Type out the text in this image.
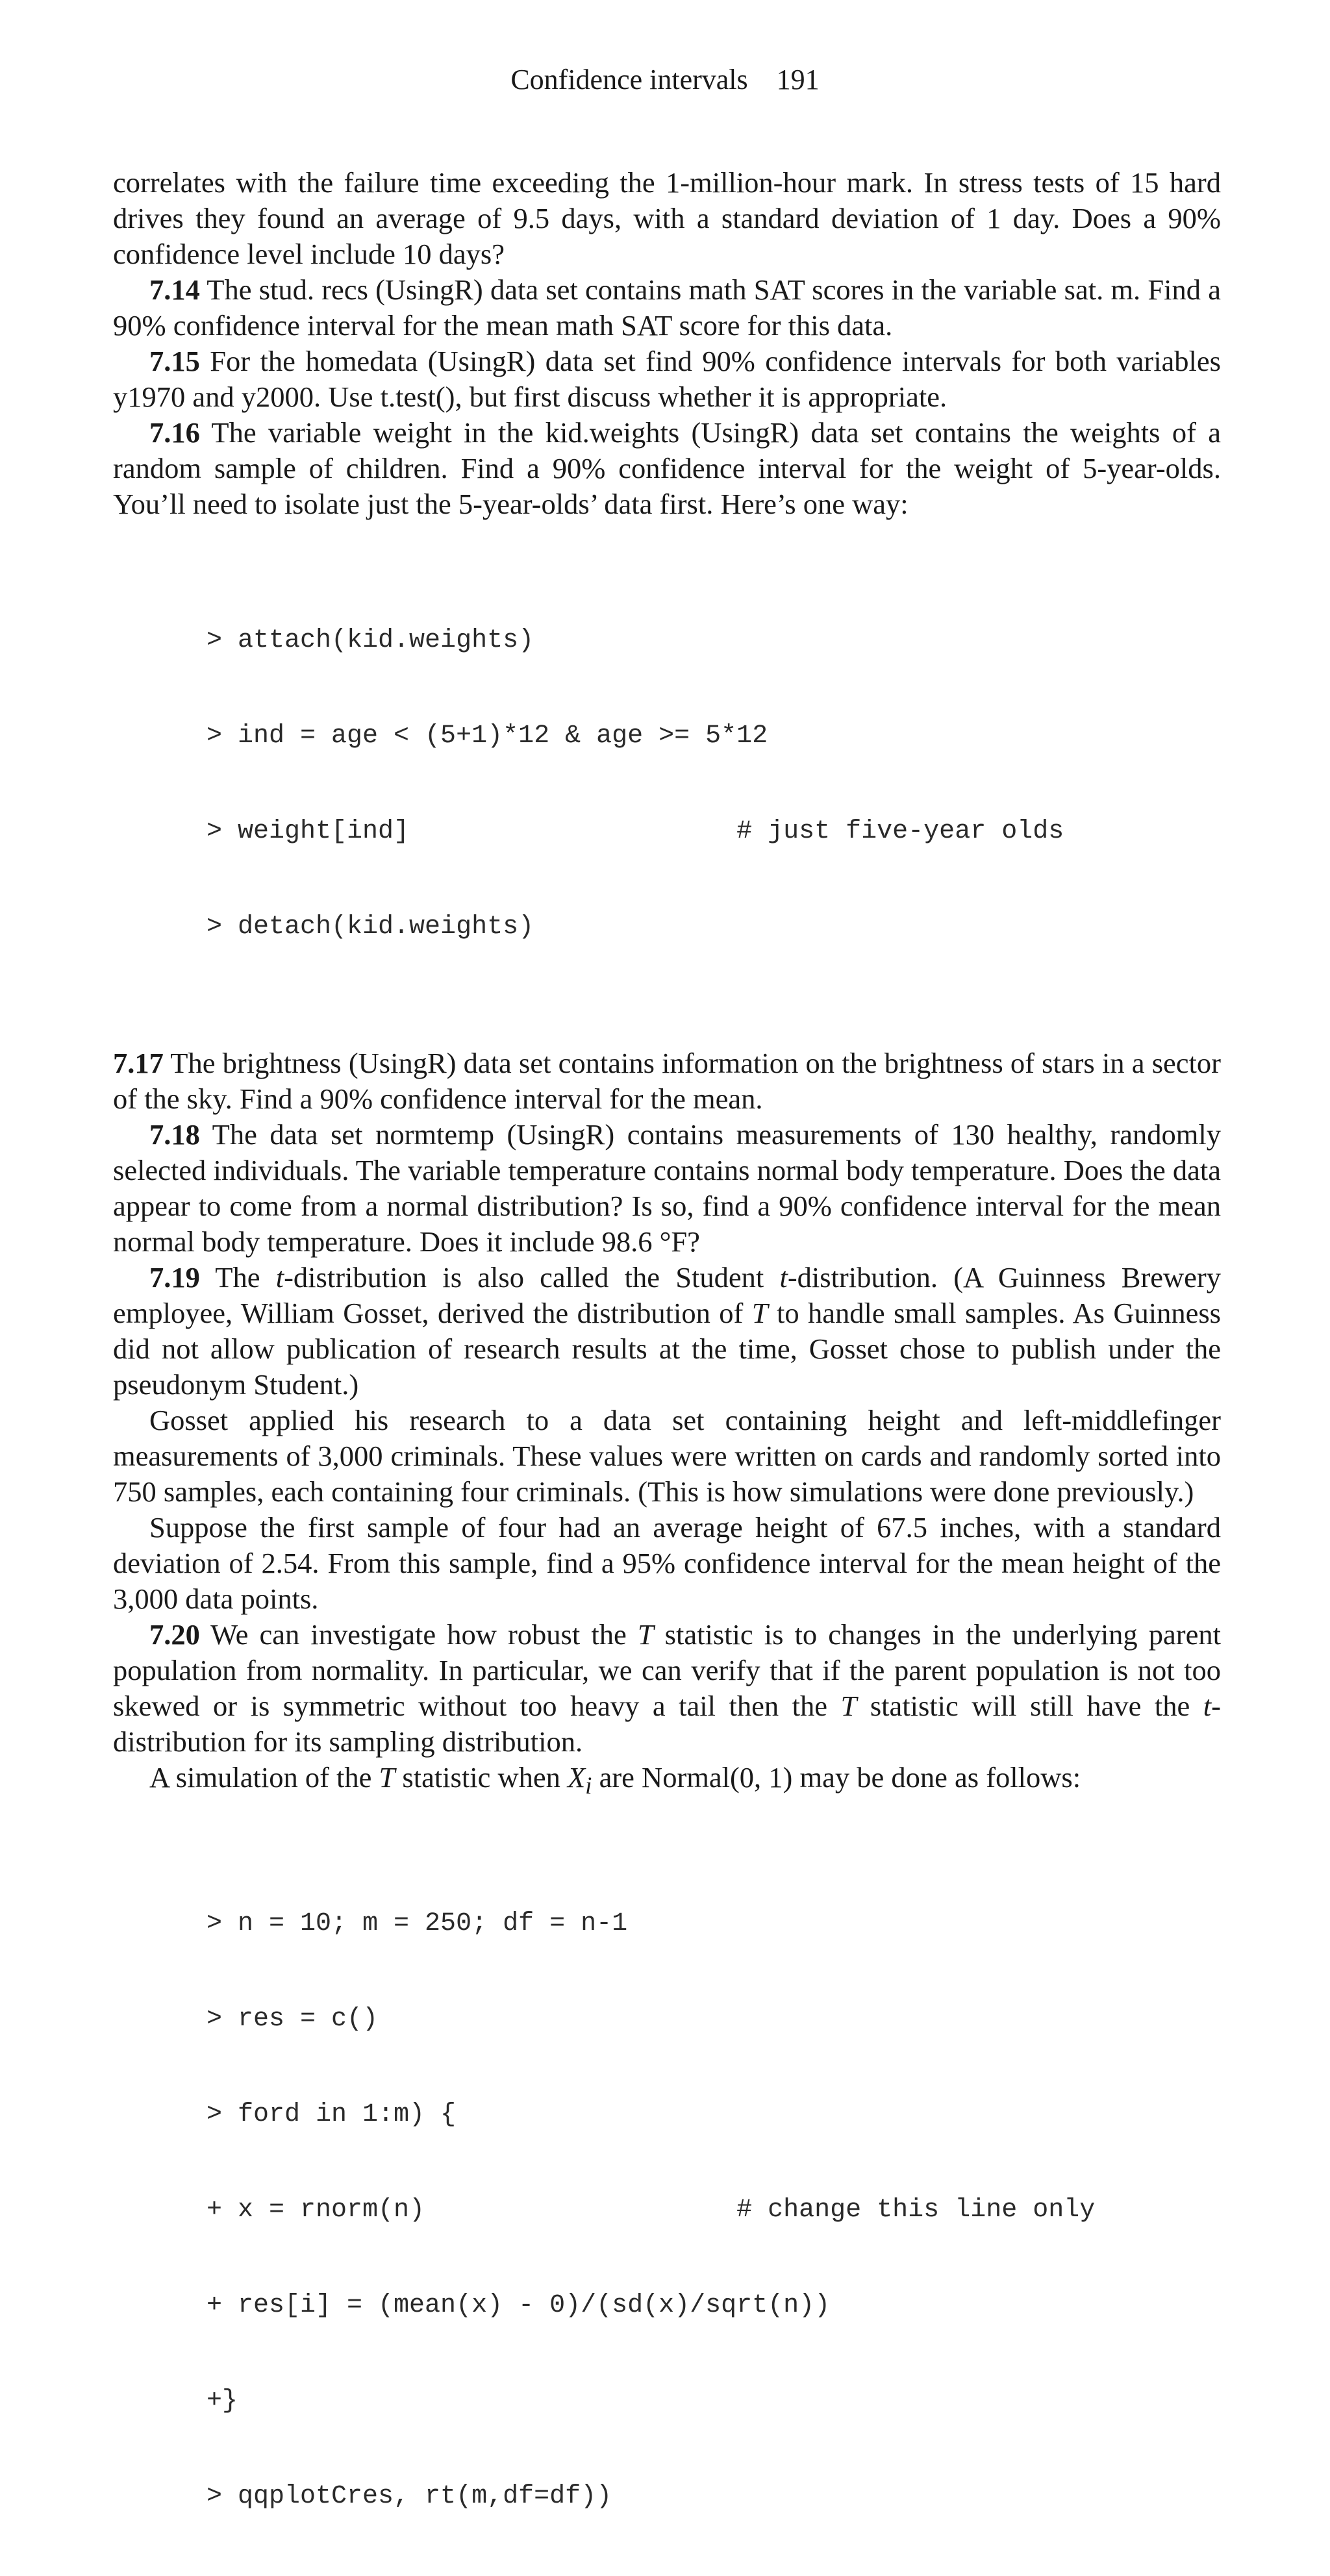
Confidence intervals 191

correlates with the failure time exceeding the 1-million-hour mark. In stress tests of 15 hard drives they found an average of 9.5 days, with a standard deviation of 1 day. Does a 90% confidence level include 10 days?

7.14 The stud. recs (UsingR) data set contains math SAT scores in the variable sat. m. Find a 90% confidence interval for the mean math SAT score for this data.

7.15 For the homedata (UsingR) data set find 90% confidence intervals for both variables y1970 and y2000. Use t.test(), but first discuss whether it is appropriate.

7.16 The variable weight in the kid.weights (UsingR) data set contains the weights of a random sample of children. Find a 90% confidence interval for the weight of 5-year-olds. You’ll need to isolate just the 5-year-olds’ data first. Here’s one way:

> attach(kid.weights)

> ind = age < (5+1)*12 & age >= 5*12

> weight[ind]                     # just five-year olds

> detach(kid.weights)

7.17 The brightness (UsingR) data set contains information on the brightness of stars in a sector of the sky. Find a 90% confidence interval for the mean.

7.18 The data set normtemp (UsingR) contains measurements of 130 healthy, randomly selected individuals. The variable temperature contains normal body temperature. Does the data appear to come from a normal distribution? Is so, find a 90% confidence interval for the mean normal body temperature. Does it include 98.6 °F?

7.19 The t-distribution is also called the Student t-distribution. (A Guinness Brewery employee, William Gosset, derived the distribution of T to handle small samples. As Guinness did not allow publication of research results at the time, Gosset chose to publish under the pseudonym Student.)

Gosset applied his research to a data set containing height and left-middlefinger measurements of 3,000 criminals. These values were written on cards and randomly sorted into 750 samples, each containing four criminals. (This is how simulations were done previously.)

Suppose the first sample of four had an average height of 67.5 inches, with a standard deviation of 2.54. From this sample, find a 95% confidence interval for the mean height of the 3,000 data points.

7.20 We can investigate how robust the T statistic is to changes in the underlying parent population from normality. In particular, we can verify that if the parent population is not too skewed or is symmetric without too heavy a tail then the T statistic will still have the t-distribution for its sampling distribution.

A simulation of the T statistic when $X_i$ are Normal(0, 1) may be done as follows:

> n = 10; m = 250; df = n-1

> res = c()

> ford in 1:m) {

+ x = rnorm(n)                    # change this line only

+ res[i] = (mean(x) - 0)/(sd(x)/sqrt(n))

+}

> qqplotCres, rt(m,df=df))
